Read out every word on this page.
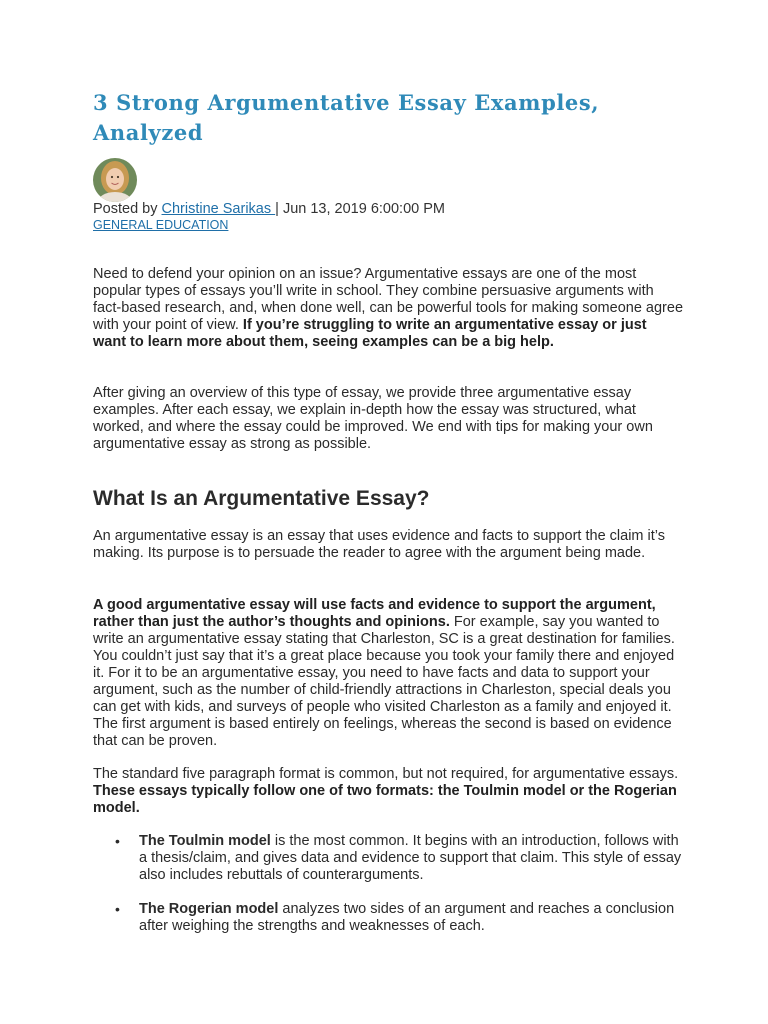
3 Strong Argumentative Essay Examples, Analyzed
Posted by Christine Sarikas | Jun 13, 2019 6:00:00 PM
GENERAL EDUCATION

Need to defend your opinion on an issue? Argumentative essays are one of the most popular types of essays you’ll write in school. They combine persuasive arguments with fact-based research, and, when done well, can be powerful tools for making someone agree with your point of view. If you’re struggling to write an argumentative essay or just want to learn more about them, seeing examples can be a big help.

After giving an overview of this type of essay, we provide three argumentative essay examples. After each essay, we explain in-depth how the essay was structured, what worked, and where the essay could be improved. We end with tips for making your own argumentative essay as strong as possible.

What Is an Argumentative Essay?

An argumentative essay is an essay that uses evidence and facts to support the claim it’s making. Its purpose is to persuade the reader to agree with the argument being made.

A good argumentative essay will use facts and evidence to support the argument, rather than just the author’s thoughts and opinions. For example, say you wanted to write an argumentative essay stating that Charleston, SC is a great destination for families. You couldn’t just say that it’s a great place because you took your family there and enjoyed it. For it to be an argumentative essay, you need to have facts and data to support your argument, such as the number of child-friendly attractions in Charleston, special deals you can get with kids, and surveys of people who visited Charleston as a family and enjoyed it. The first argument is based entirely on feelings, whereas the second is based on evidence that can be proven.

The standard five paragraph format is common, but not required, for argumentative essays. These essays typically follow one of two formats: the Toulmin model or the Rogerian model.

• The Toulmin model is the most common. It begins with an introduction, follows with a thesis/claim, and gives data and evidence to support that claim. This style of essay also includes rebuttals of counterarguments.
• The Rogerian model analyzes two sides of an argument and reaches a conclusion after weighing the strengths and weaknesses of each.
